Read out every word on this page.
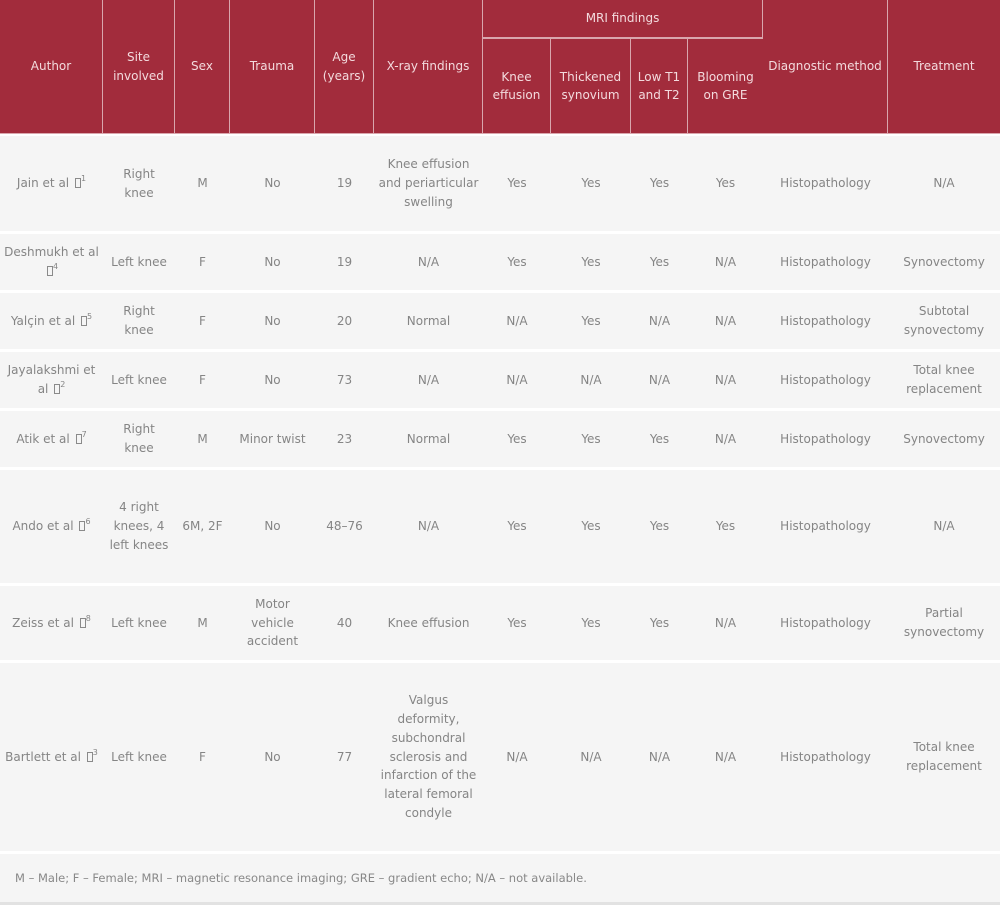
Author	Site involved	Sex	Trauma	Age (years)	X-ray findings	MRI findings				Diagnostic method	Treatment
						Knee effusion	Thickened synovium	Low T1 and T2	Blooming on GRE		
Jain et al $^1$	Right knee	M	No	19	Knee effusion and periarticular swelling	Yes	Yes	Yes	Yes	Histopathology	N/A
Deshmukh et al $^4$	Left knee	F	No	19	N/A	Yes	Yes	Yes	N/A	Histopathology	Synovectomy
Yalçin et al $^5$	Right knee	F	No	20	Normal	N/A	Yes	N/A	N/A	Histopathology	Subtotal synovectomy
Jayalakshmi et al $^2$	Left knee	F	No	73	N/A	N/A	N/A	N/A	N/A	Histopathology	Total knee replacement
Atik et al $^7$	Right knee	M	Minor twist	23	Normal	Yes	Yes	Yes	N/A	Histopathology	Synovectomy
Ando et al $^6$	4 right knees, 4 left knees	6M, 2F	No	48–76	N/A	Yes	Yes	Yes	Yes	Histopathology	N/A
Zeiss et al $^8$	Left knee	M	Motor vehicle accident	40	Knee effusion	Yes	Yes	Yes	N/A	Histopathology	Partial synovectomy
Bartlett et al $^3$	Left knee	F	No	77	Valgus deformity, subchondral sclerosis and infarction of the lateral femoral condyle	N/A	N/A	N/A	N/A	Histopathology	Total knee replacement
M – Male; F – Female; MRI – magnetic resonance imaging; GRE – gradient echo; N/A – not available.
